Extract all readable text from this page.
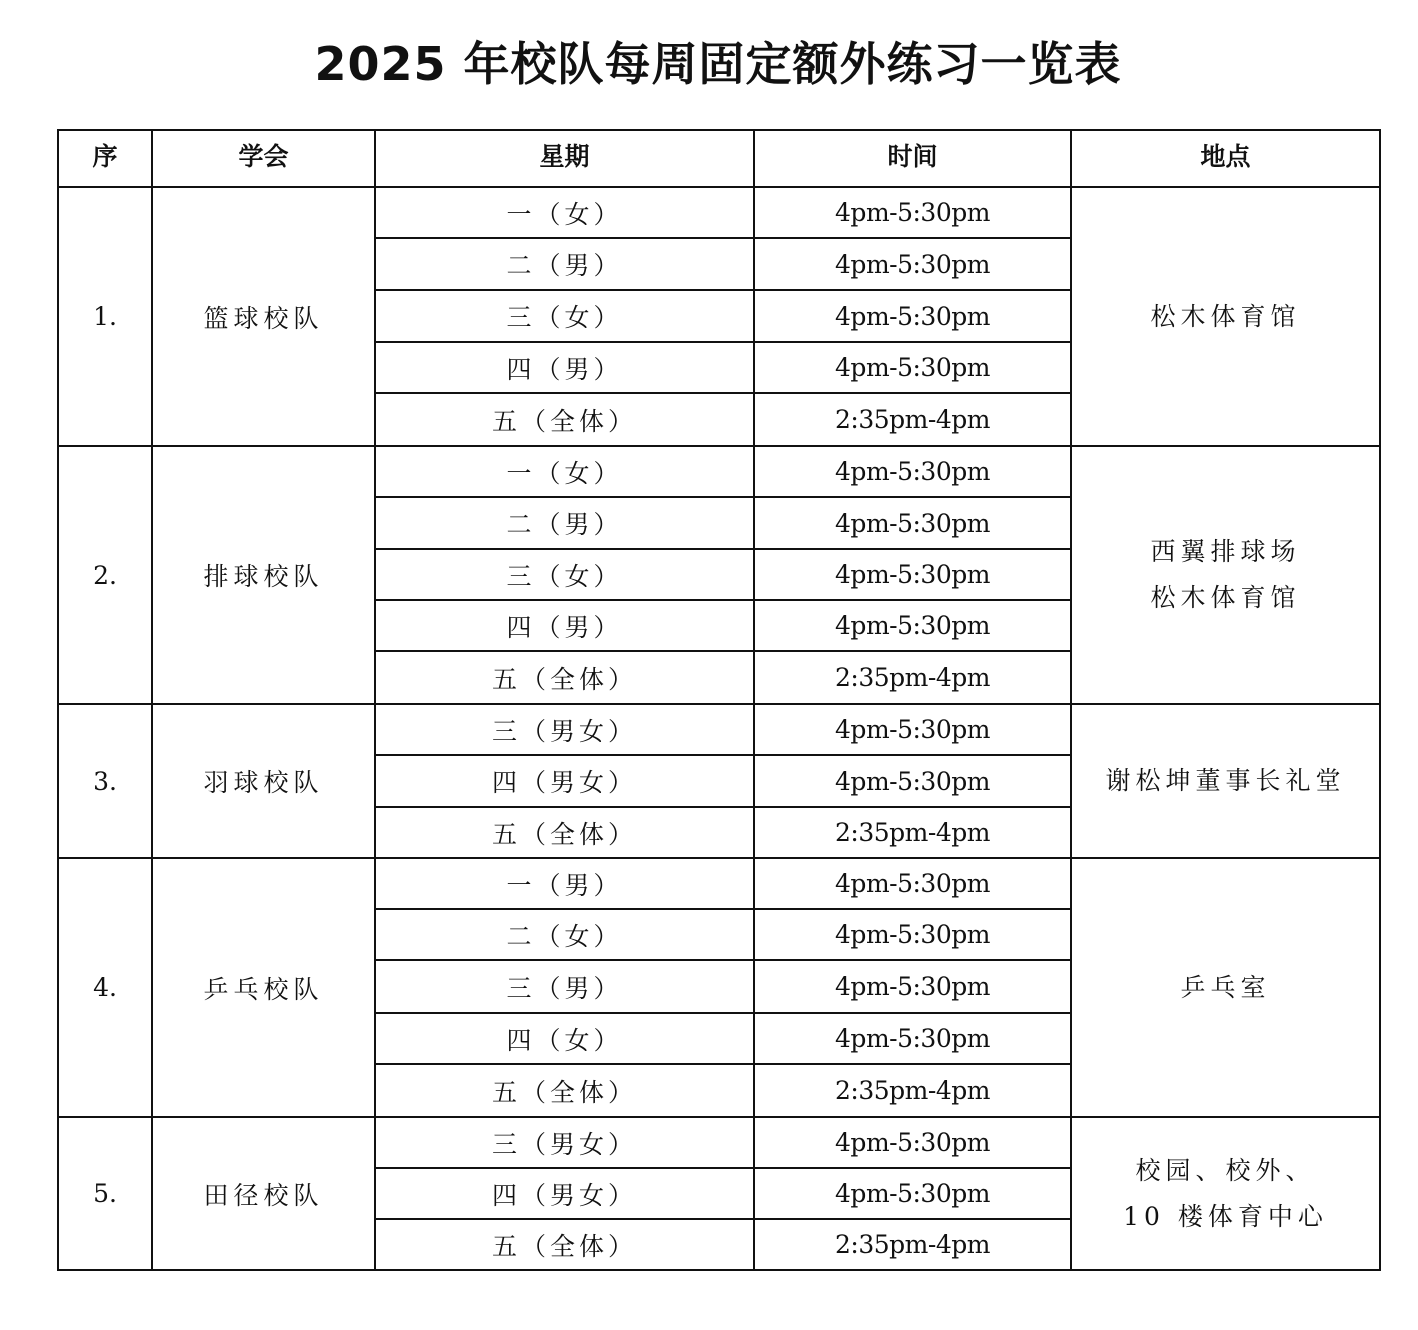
2025 年校队每周固定额外练习一览表
序	学会	星期	时间	地点
1.	篮球校队	一（女）	4pm-5:30pm	松木体育馆

		二（男）	4pm-5:30pm	
		三（女）	4pm-5:30pm	
		四（男）	4pm-5:30pm	
		五（全体）	2:35pm-4pm	
2.	排球校队	一（女）	4pm-5:30pm	西翼排球场
松木体育馆

		二（男）	4pm-5:30pm	
		三（女）	4pm-5:30pm	
		四（男）	4pm-5:30pm	
		五（全体）	2:35pm-4pm	
3.	羽球校队	三（男女）	4pm-5:30pm	谢松坤董事长礼堂

		四（男女）	4pm-5:30pm	
		五（全体）	2:35pm-4pm	
4.	乒乓校队	一（男）	4pm-5:30pm	乒乓室

		二（女）	4pm-5:30pm	
		三（男）	4pm-5:30pm	
		四（女）	4pm-5:30pm	
		五（全体）	2:35pm-4pm	
5.	田径校队	三（男女）	4pm-5:30pm	校园、校外、
10 楼体育中心

		四（男女）	4pm-5:30pm	
		五（全体）	2:35pm-4pm	
